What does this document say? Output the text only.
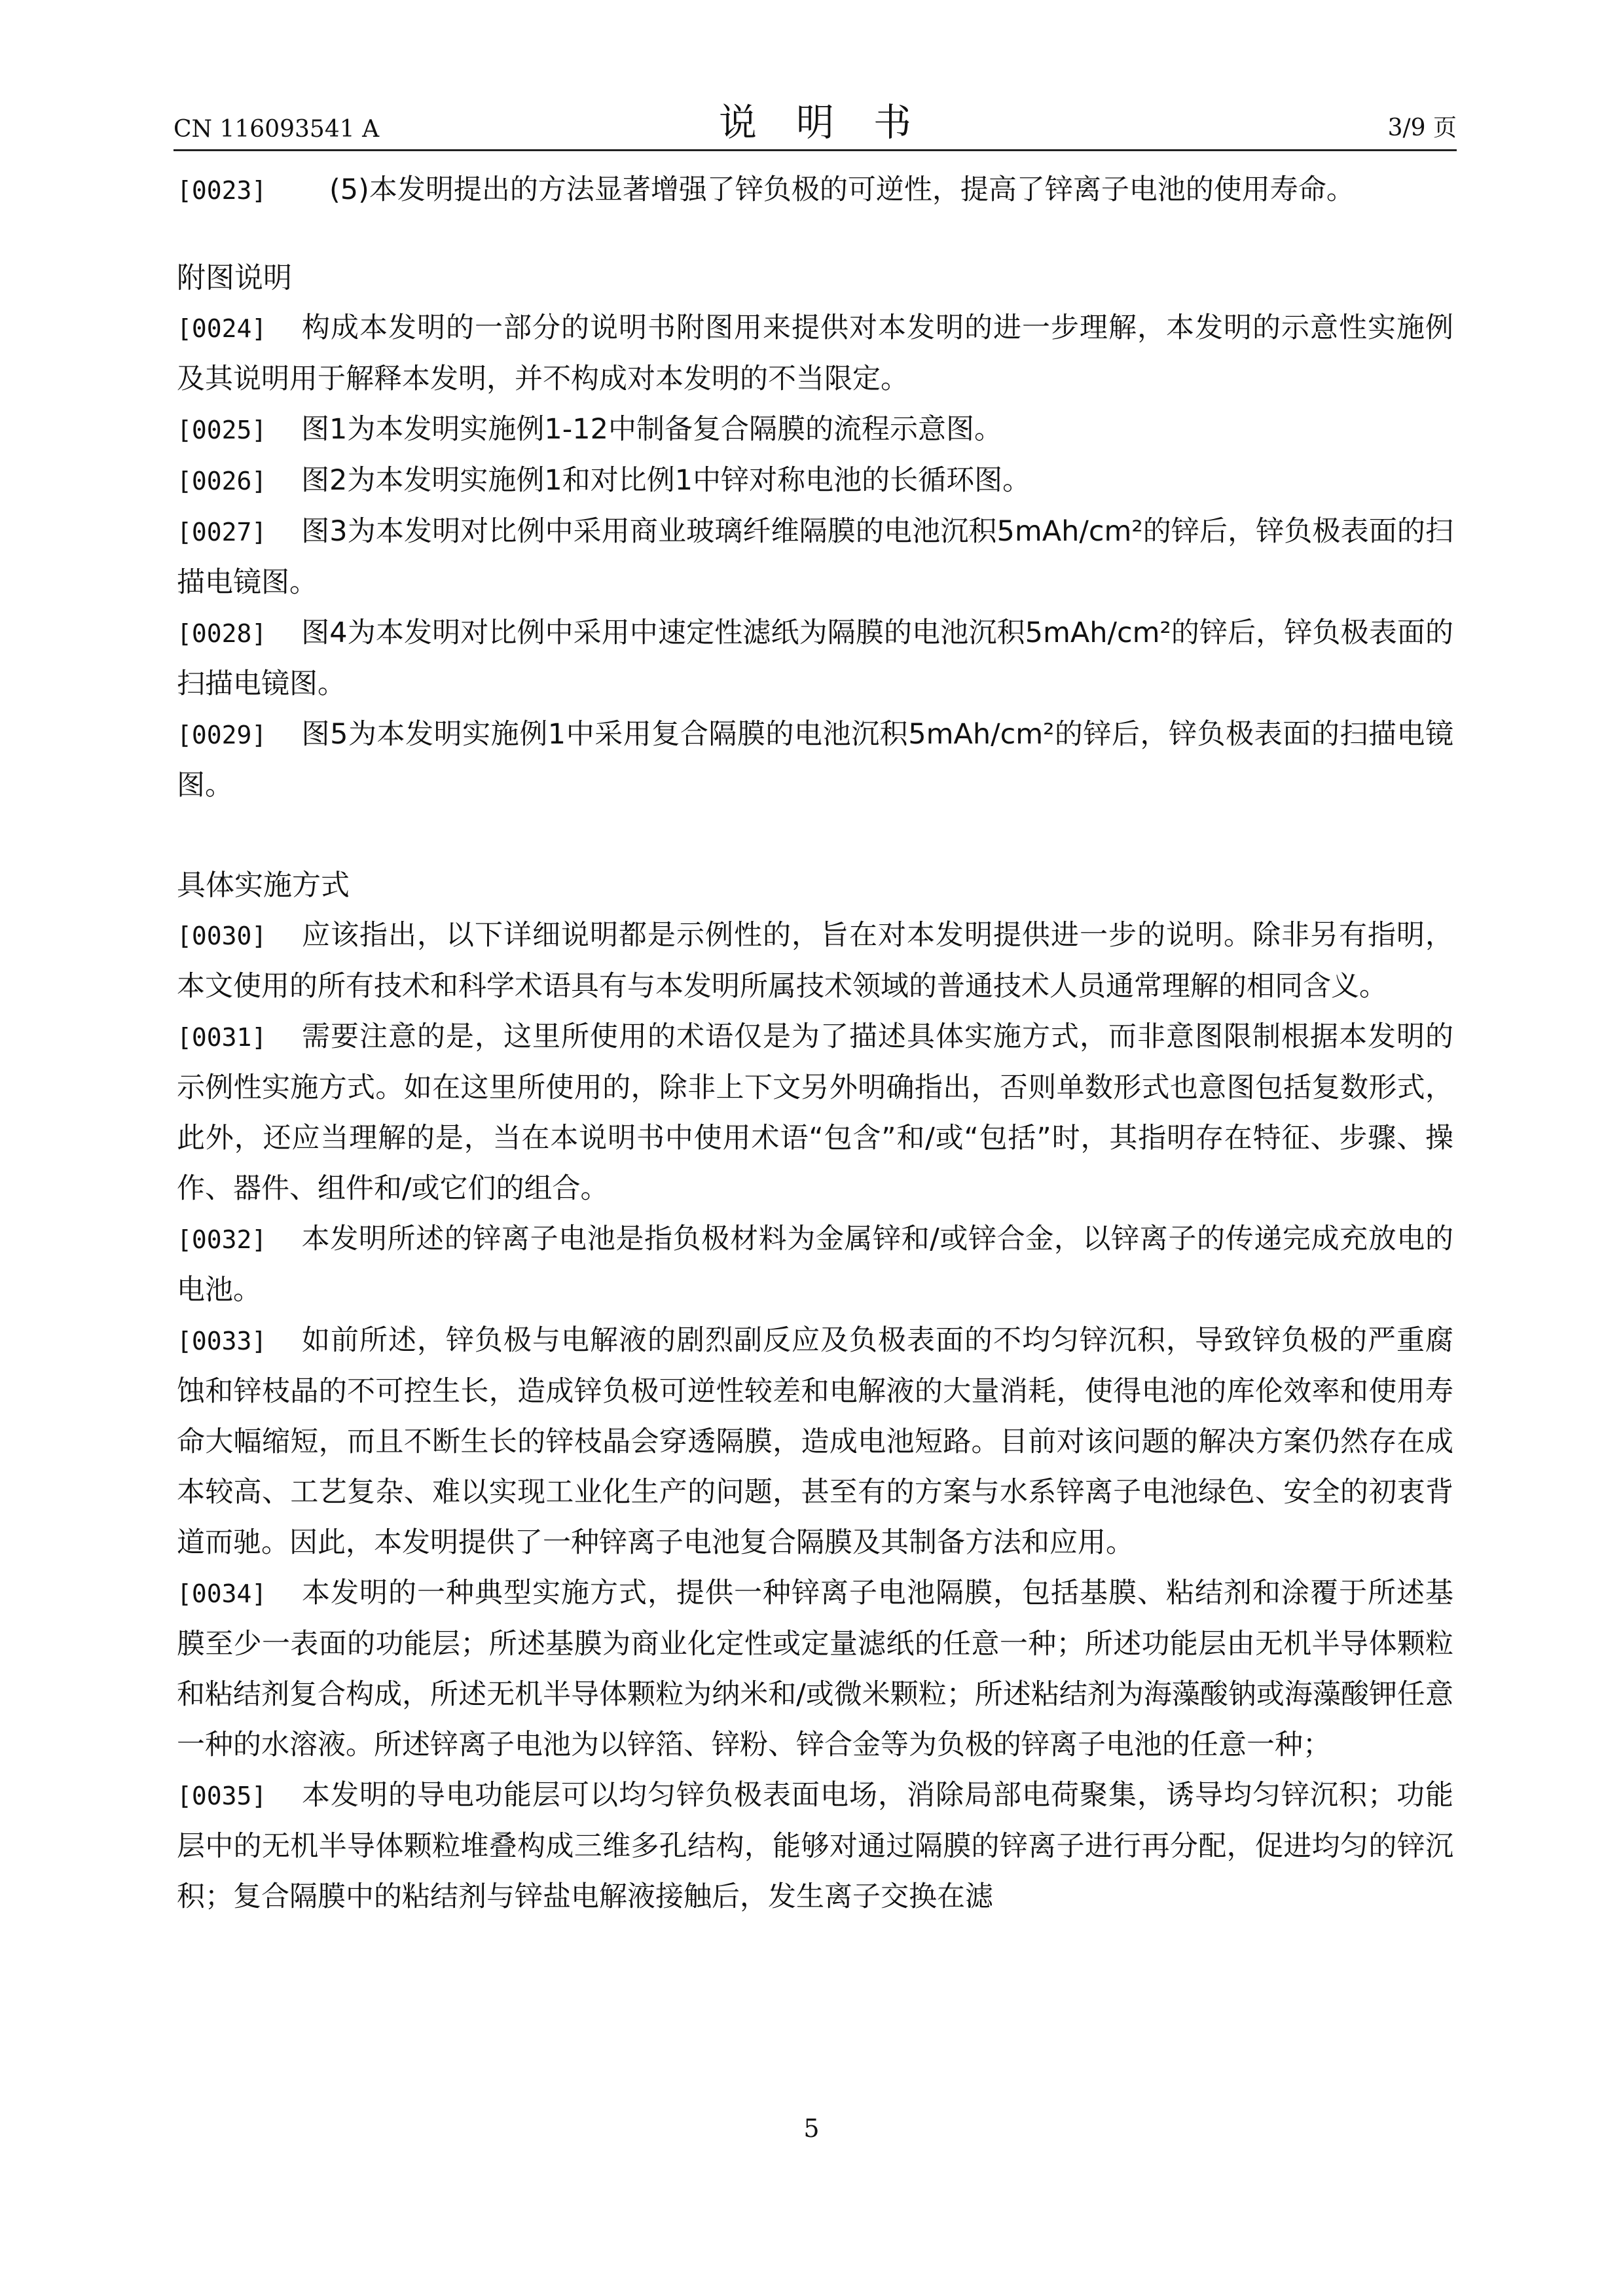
CN 116093541 A	说明书	3/9 页

[0023]　(5)本发明提出的方法显著增强了锌负极的可逆性，提高了锌离子电池的使用寿命。

附图说明

[0024] 构成本发明的一部分的说明书附图用来提供对本发明的进一步理解，本发明的示意性实施例及其说明用于解释本发明，并不构成对本发明的不当限定。

[0025] 图1为本发明实施例1-12中制备复合隔膜的流程示意图。

[0026] 图2为本发明实施例1和对比例1中锌对称电池的长循环图。

[0027] 图3为本发明对比例中采用商业玻璃纤维隔膜的电池沉积5mAh/cm²的锌后，锌负极表面的扫描电镜图。

[0028] 图4为本发明对比例中采用中速定性滤纸为隔膜的电池沉积5mAh/cm²的锌后，锌负极表面的扫描电镜图。

[0029] 图5为本发明实施例1中采用复合隔膜的电池沉积5mAh/cm²的锌后，锌负极表面的扫描电镜图。

具体实施方式

[0030] 应该指出，以下详细说明都是示例性的，旨在对本发明提供进一步的说明。除非另有指明，本文使用的所有技术和科学术语具有与本发明所属技术领域的普通技术人员通常理解的相同含义。

[0031] 需要注意的是，这里所使用的术语仅是为了描述具体实施方式，而非意图限制根据本发明的示例性实施方式。如在这里所使用的，除非上下文另外明确指出，否则单数形式也意图包括复数形式，此外，还应当理解的是，当在本说明书中使用术语“包含”和/或“包括”时，其指明存在特征、步骤、操作、器件、组件和/或它们的组合。

[0032] 本发明所述的锌离子电池是指负极材料为金属锌和/或锌合金，以锌离子的传递完成充放电的电池。

[0033] 如前所述，锌负极与电解液的剧烈副反应及负极表面的不均匀锌沉积，导致锌负极的严重腐蚀和锌枝晶的不可控生长，造成锌负极可逆性较差和电解液的大量消耗，使得电池的库伦效率和使用寿命大幅缩短，而且不断生长的锌枝晶会穿透隔膜，造成电池短路。目前对该问题的解决方案仍然存在成本较高、工艺复杂、难以实现工业化生产的问题，甚至有的方案与水系锌离子电池绿色、安全的初衷背道而驰。因此，本发明提供了一种锌离子电池复合隔膜及其制备方法和应用。

[0034] 本发明的一种典型实施方式，提供一种锌离子电池隔膜，包括基膜、粘结剂和涂覆于所述基膜至少一表面的功能层；所述基膜为商业化定性或定量滤纸的任意一种；所述功能层由无机半导体颗粒和粘结剂复合构成，所述无机半导体颗粒为纳米和/或微米颗粒；所述粘结剂为海藻酸钠或海藻酸钾任意一种的水溶液。所述锌离子电池为以锌箔、锌粉、锌合金等为负极的锌离子电池的任意一种；

[0035] 本发明的导电功能层可以均匀锌负极表面电场，消除局部电荷聚集，诱导均匀锌沉积；功能层中的无机半导体颗粒堆叠构成三维多孔结构，能够对通过隔膜的锌离子进行再分配，促进均匀的锌沉积；复合隔膜中的粘结剂与锌盐电解液接触后，发生离子交换在滤

5
